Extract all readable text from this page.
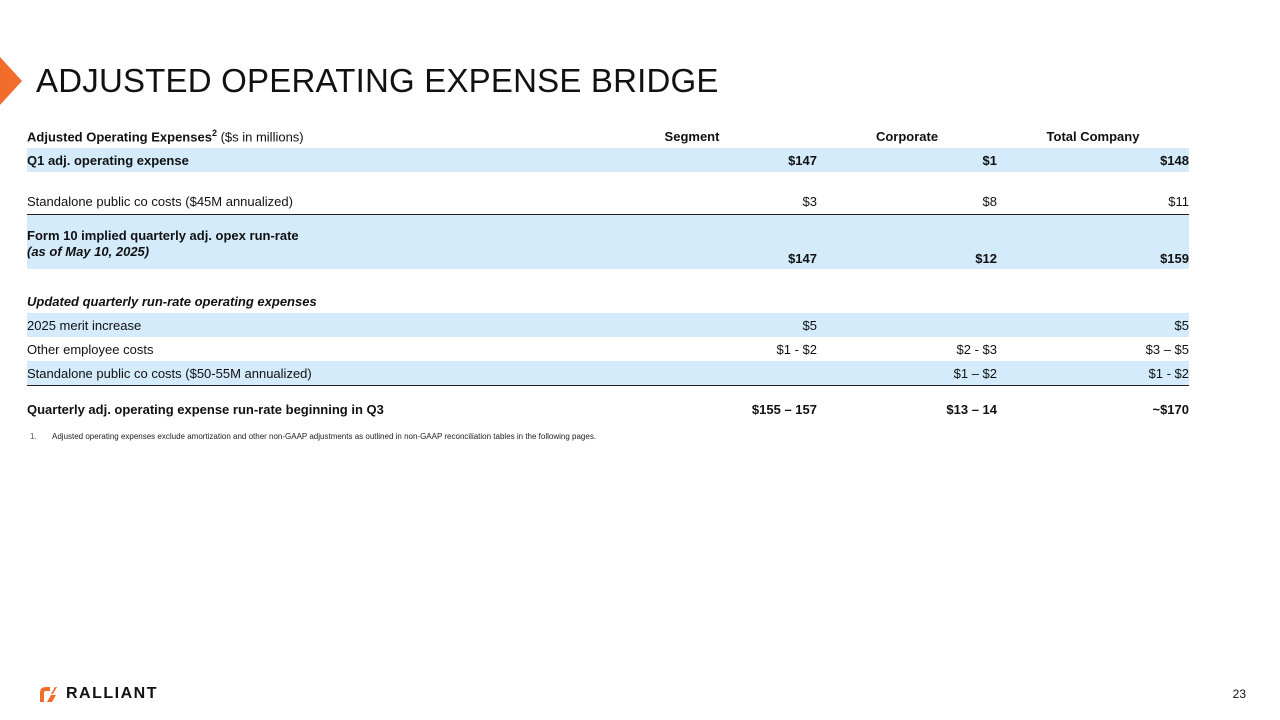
ADJUSTED OPERATING EXPENSE BRIDGE
Adjusted Operating Expenses$^2$ ($s in millions)	Segment	Corporate	Total Company
Q1 adj. operating expense	$147	$1	$148

Standalone public co costs ($45M annualized)	$3	$8	$11

Form 10 implied quarterly adj. opex run-rate
(as of May 10, 2025)	$147	$12	$159

Updated quarterly run-rate operating expenses			
2025 merit increase	$5		$5
Other employee costs	$1 - $2	$2 - $3	$3 – $5
Standalone public co costs ($50-55M annualized)		$1 – $2	$1 - $2
Quarterly adj. operating expense run-rate beginning in Q3	$155 – 157	$13 – 14	~$170
1. Adjusted operating expenses exclude amortization and other non-GAAP adjustments as outlined in non-GAAP reconciliation tables in the following pages.
RALLIANT	23
